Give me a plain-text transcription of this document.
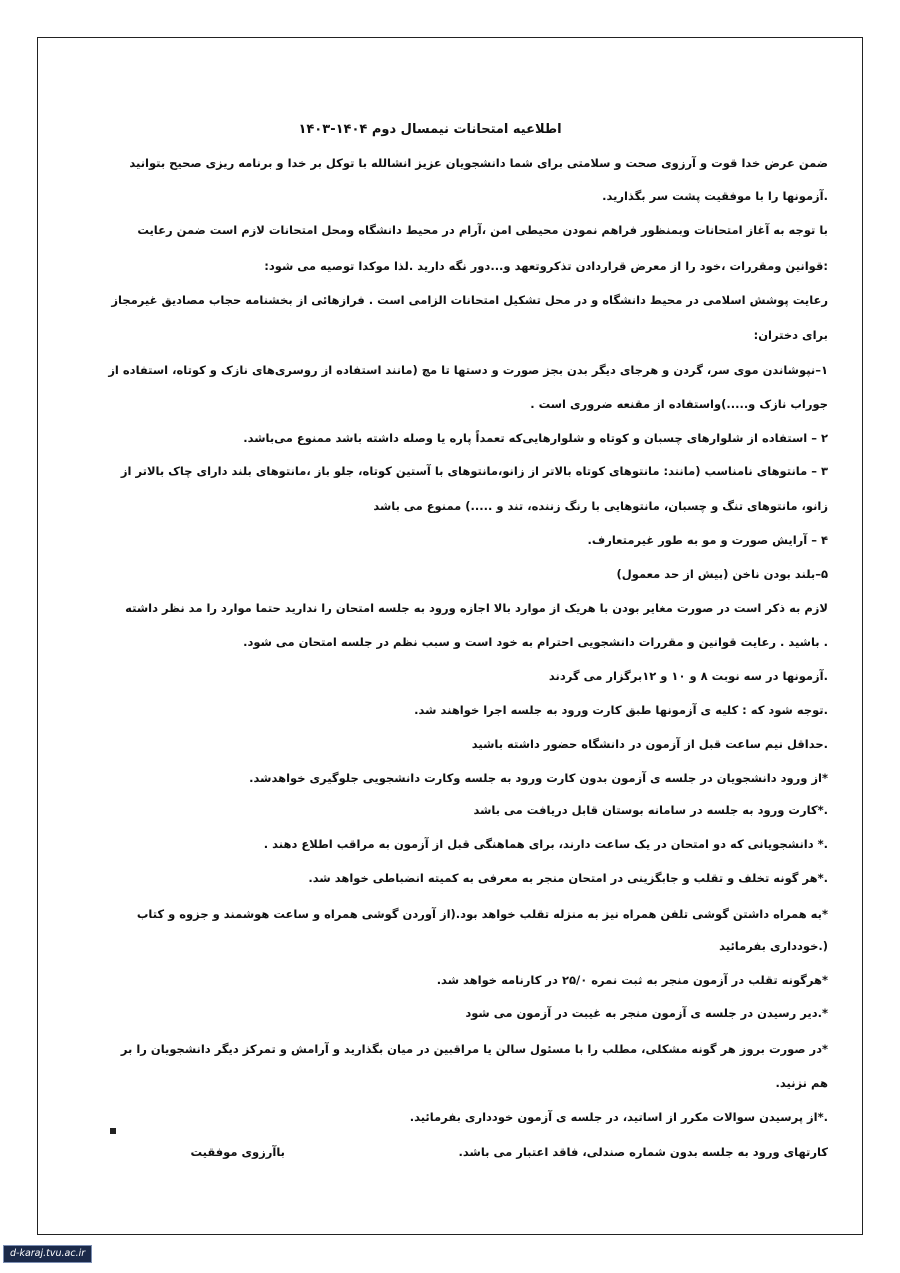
اطلاعیه امتحانات نیمسال دوم ۱۴۰۴-۱۴۰۳
ضمن عرض خدا قوت و آرزوی صحت و سلامتی برای شما دانشجویان عزیز انشالله با توکل بر خدا و برنامه ریزی صحیح بتوانید
.آزمونها را با موفقیت پشت سر بگذارید.
با توجه به آغاز امتحانات وبمنظور فراهم نمودن محیطی امن ،آرام در محیط دانشگاه ومحل امتحانات لازم است ضمن رعایت
:قوانین ومقررات ،خود را از معرض قراردادن تذکروتعهد و...دور نگه دارید .لذا موکدا توصیه می شود:
رعایت پوشش اسلامی در محیط دانشگاه و در محل تشکیل امتحانات الزامی است . فرازهائی از بخشنامه حجاب مصادیق غیرمجاز
برای دختران:
۱–نپوشاندن موی سر، گردن و هرجای دیگر بدن بجز صورت و دستها تا مچ (مانند استفاده از روسری‌های نازک و کوتاه، استفاده از
جوراب نازک و.....)واستفاده از مقنعه ضروری است .
۲ – استفاده از شلوارهای چسبان و کوتاه و شلوارهایی‌که تعمداً پاره یا وصله داشته باشد ممنوع می‌باشد.
۳ – مانتوهای نامناسب (مانند: مانتوهای کوتاه بالاتر از زانو،مانتوهای با آستین کوتاه، جلو باز ،مانتوهای بلند دارای چاک بالاتر از
زانو، مانتوهای تنگ و چسبان، مانتوهایی با رنگ زننده، تند و .....) ممنوع می باشد
۴ – آرایش صورت و مو به طور غیرمتعارف.
۵–بلند بودن ناخن (بیش از حد معمول)
لازم به ذکر است در صورت مغایر بودن با هریک از موارد بالا اجازه ورود به جلسه امتحان را ندارید حتما موارد را مد نظر داشته
. باشید . رعایت قوانین و مقررات دانشجویی احترام به خود است و سبب نظم در جلسه امتحان می شود.
.آزمونها در سه نوبت ۸ و ۱۰ و ۱۲برگزار می گردند
.توجه شود که : کلیه ی آزمونها طبق کارت ورود به جلسه اجرا خواهند شد.
.حداقل نیم ساعت قبل از آزمون در دانشگاه حضور داشته باشید
*از ورود دانشجویان در جلسه ی آزمون بدون کارت ورود به جلسه وکارت دانشجویی جلوگیری خواهدشد.
.*کارت ورود به جلسه در سامانه بوستان قابل دریافت می باشد
.* دانشجویانی که دو امتحان در یک ساعت دارند، برای هماهنگی قبل از آزمون به مراقب اطلاع دهند .
.*هر گونه تخلف و تقلب و جابگزینی در امتحان منجر به معرفی به کمیته انضباطی خواهد شد.
*به همراه داشتن گوشی تلفن همراه نیز به منزله تقلب خواهد بود.(از آوردن گوشی همراه و ساعت هوشمند و جزوه و کتاب
(.خودداری بفرمائید
*هرگونه تقلب در آزمون منجر به ثبت نمره ۲۵/۰ در کارنامه خواهد شد.
*.دیر رسیدن در جلسه ی آزمون منجر به غیبت در آزمون می شود
*در صورت بروز هر گونه مشکلی، مطلب را با مسئول سالن یا مراقبین در میان بگذارید و آرامش و تمرکز دیگر دانشجویان را بر
هم نزنید.
.*از پرسیدن سوالات مکرر از اساتید، در جلسه ی آزمون خودداری بفرمائید.
کارتهای ورود به جلسه بدون شماره صندلی، فاقد اعتبار می باشد.
باآرزوی موفقیت
d-karaj.tvu.ac.ir
